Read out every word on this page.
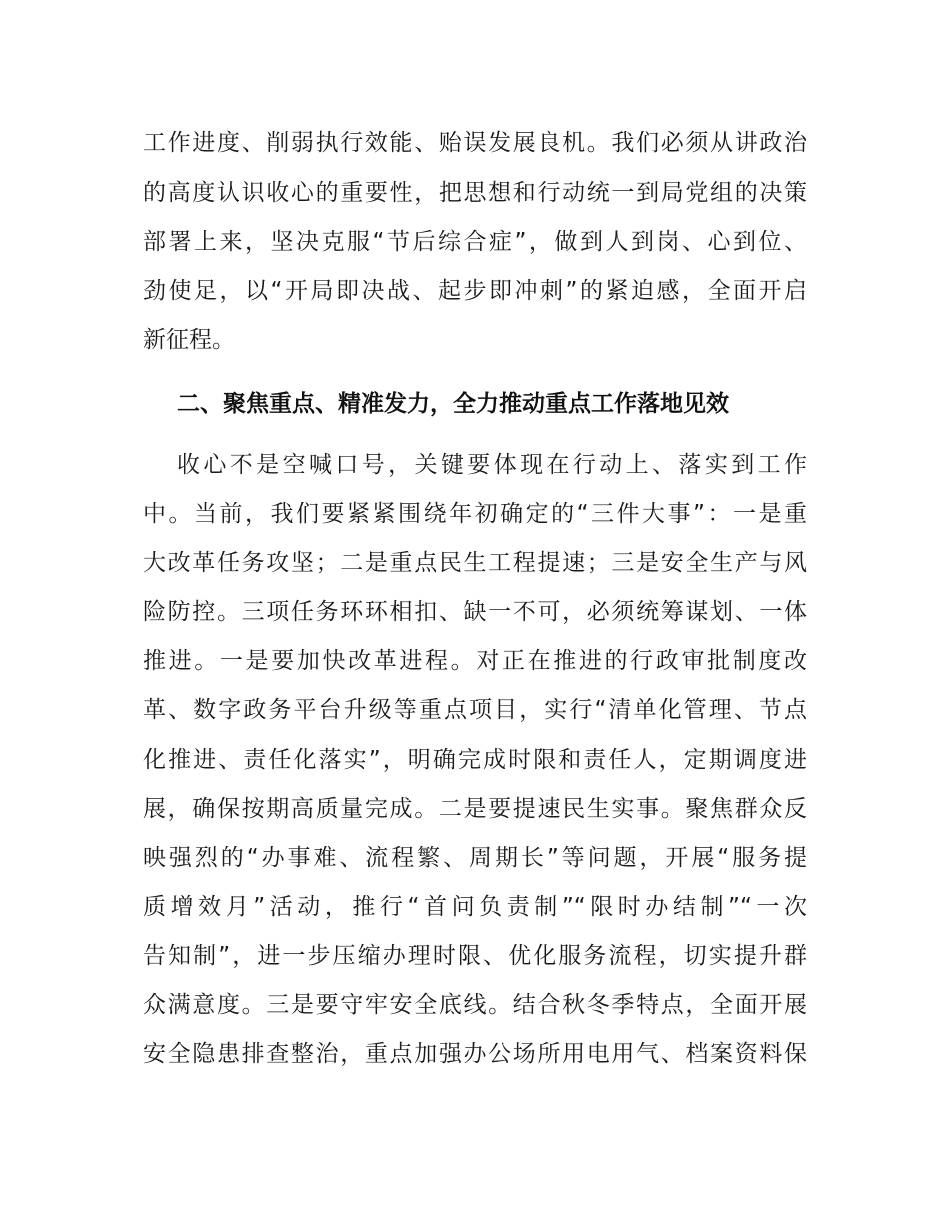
工作进度、削弱执行效能、贻误发展良机。我们必须从讲政治
的高度认识收心的重要性，把思想和行动统一到局党组的决策
部署上来，坚决克服“节后综合症”，做到人到岗、心到位、
劲使足，以“开局即决战、起步即冲刺”的紧迫感，全面开启
新征程。
二、聚焦重点、精准发力，全力推动重点工作落地见效
收心不是空喊口号，关键要体现在行动上、落实到工作
中。当前，我们要紧紧围绕年初确定的“三件大事”：一是重
大改革任务攻坚；二是重点民生工程提速；三是安全生产与风
险防控。三项任务环环相扣、缺一不可，必须统筹谋划、一体
推进。一是要加快改革进程。对正在推进的行政审批制度改
革、数字政务平台升级等重点项目，实行“清单化管理、节点
化推进、责任化落实”，明确完成时限和责任人，定期调度进
展，确保按期高质量完成。二是要提速民生实事。聚焦群众反
映强烈的“办事难、流程繁、周期长”等问题，开展“服务提
质增效月”活动，推行“首问负责制”“限时办结制”“一次
告知制”，进一步压缩办理时限、优化服务流程，切实提升群
众满意度。三是要守牢安全底线。结合秋冬季特点，全面开展
安全隐患排查整治，重点加强办公场所用电用气、档案资料保
